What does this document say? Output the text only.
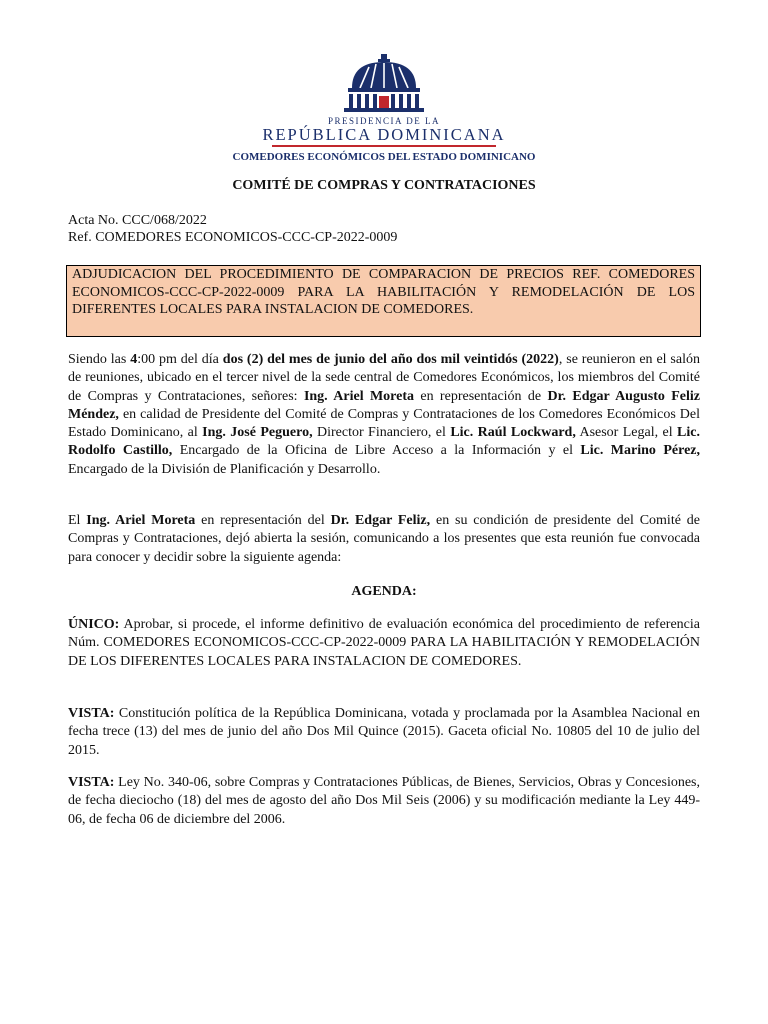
PRESIDENCIA DE LA
REPÚBLICA DOMINICANA
COMEDORES ECONÓMICOS DEL ESTADO DOMINICANO
COMITÉ DE COMPRAS Y CONTRATACIONES
Acta No. CCC/068/2022
Ref. COMEDORES ECONOMICOS-CCC-CP-2022-0009
ADJUDICACION DEL PROCEDIMIENTO DE COMPARACION DE PRECIOS REF. COMEDORES ECONOMICOS-CCC-CP-2022-0009 PARA LA HABILITACIÓN Y REMODELACIÓN DE LOS DIFERENTES LOCALES PARA INSTALACION DE COMEDORES.
Siendo las 4:00 pm del día dos (2) del mes de junio del año dos mil veintidós (2022), se reunieron en el salón de reuniones, ubicado en el tercer nivel de la sede central de Comedores Económicos, los miembros del Comité de Compras y Contrataciones, señores: Ing. Ariel Moreta en representación de Dr. Edgar Augusto Feliz Méndez, en calidad de Presidente del Comité de Compras y Contrataciones de los Comedores Económicos Del Estado Dominicano, al Ing. José Peguero, Director Financiero, el Lic. Raúl Lockward, Asesor Legal, el Lic. Rodolfo Castillo, Encargado de la Oficina de Libre Acceso a la Información y el Lic. Marino Pérez, Encargado de la División de Planificación y Desarrollo.
El Ing. Ariel Moreta en representación del Dr. Edgar Feliz, en su condición de presidente del Comité de Compras y Contrataciones, dejó abierta la sesión, comunicando a los presentes que esta reunión fue convocada para conocer y decidir sobre la siguiente agenda:
AGENDA:
ÚNICO: Aprobar, si procede, el informe definitivo de evaluación económica del procedimiento de referencia Núm. COMEDORES ECONOMICOS-CCC-CP-2022-0009 PARA LA HABILITACIÓN Y REMODELACIÓN DE LOS DIFERENTES LOCALES PARA INSTALACION DE COMEDORES.
VISTA: Constitución política de la República Dominicana, votada y proclamada por la Asamblea Nacional en fecha trece (13) del mes de junio del año Dos Mil Quince (2015). Gaceta oficial No. 10805 del 10 de julio del 2015.
VISTA: Ley No. 340-06, sobre Compras y Contrataciones Públicas, de Bienes, Servicios, Obras y Concesiones, de fecha dieciocho (18) del mes de agosto del año Dos Mil Seis (2006) y su modificación mediante la Ley 449-06, de fecha 06 de diciembre del 2006.
